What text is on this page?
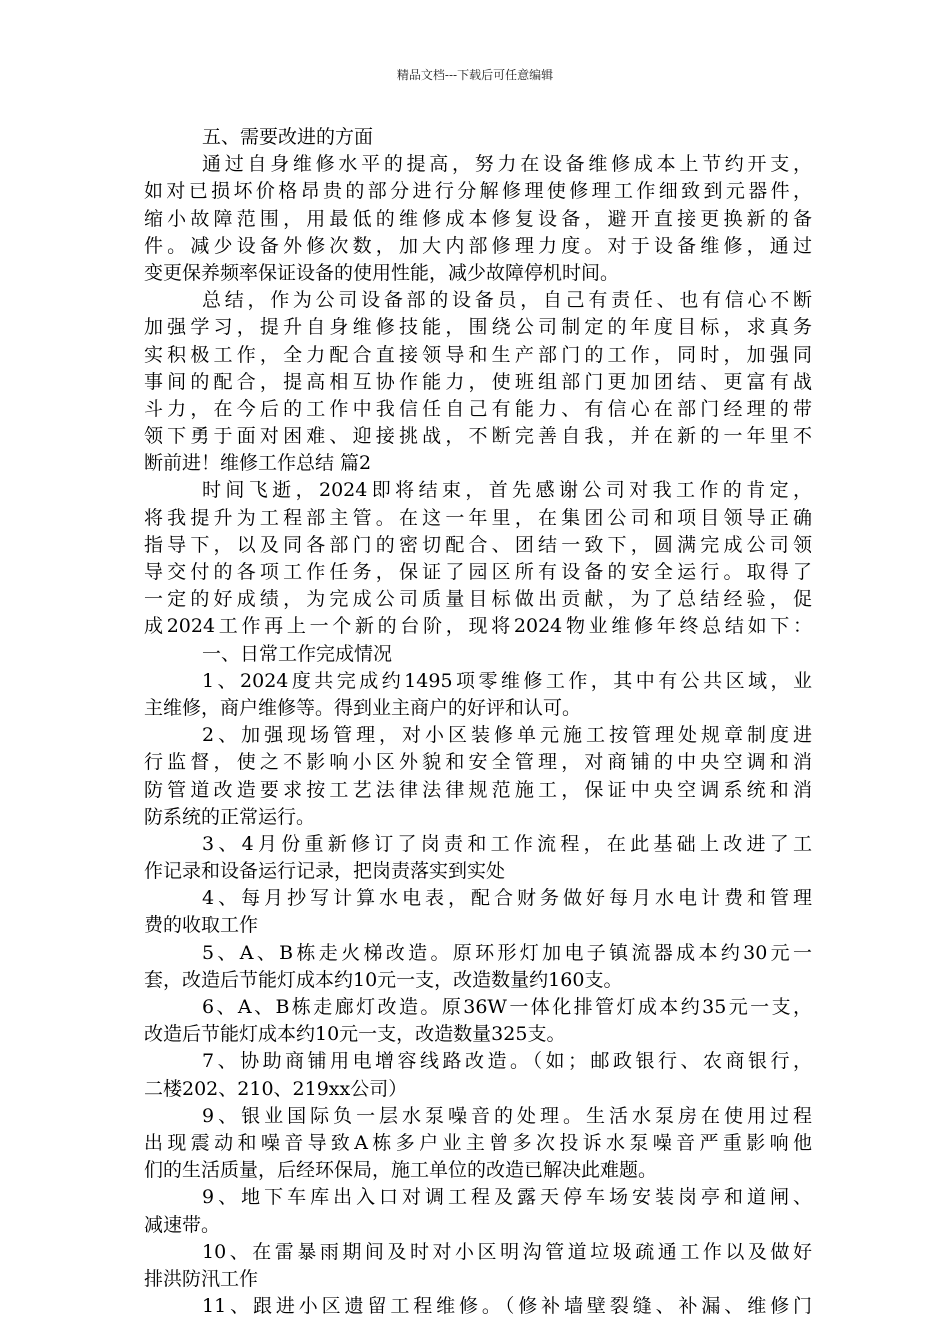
精品文档---下载后可任意编辑
五、需要改进的方面
通过自身维修水平的提高，努力在设备维修成本上节约开支，
如对已损坏价格昂贵的部分进行分解修理使修理工作细致到元器件，
缩小故障范围，用最低的维修成本修复设备，避开直接更换新的备
件。减少设备外修次数，加大内部修理力度。对于设备维修，通过
变更保养频率保证设备的使用性能，减少故障停机时间。
总结，作为公司设备部的设备员，自己有责任、也有信心不断
加强学习，提升自身维修技能，围绕公司制定的年度目标，求真务
实积极工作，全力配合直接领导和生产部门的工作，同时，加强同
事间的配合，提高相互协作能力，使班组部门更加团结、更富有战
斗力，在今后的工作中我信任自己有能力、有信心在部门经理的带
领下勇于面对困难、迎接挑战，不断完善自我，并在新的一年里不
断前进！维修工作总结 篇2
时间飞逝，2024即将结束，首先感谢公司对我工作的肯定，
将我提升为工程部主管。在这一年里，在集团公司和项目领导正确
指导下，以及同各部门的密切配合、团结一致下，圆满完成公司领
导交付的各项工作任务，保证了园区所有设备的安全运行。取得了
一定的好成绩，为完成公司质量目标做出贡献，为了总结经验，促
成2024工作再上一个新的台阶，现将2024物业维修年终总结如下：
一、日常工作完成情况
1、2024度共完成约1495项零维修工作，其中有公共区域，业
主维修，商户维修等。得到业主商户的好评和认可。
2、加强现场管理，对小区装修单元施工按管理处规章制度进
行监督，使之不影响小区外貌和安全管理，对商铺的中央空调和消
防管道改造要求按工艺法律法律规范施工，保证中央空调系统和消
防系统的正常运行。
3、4月份重新修订了岗责和工作流程，在此基础上改进了工
作记录和设备运行记录，把岗责落实到实处
4、每月抄写计算水电表，配合财务做好每月水电计费和管理
费的收取工作
5、A、B栋走火梯改造。原环形灯加电子镇流器成本约30元一
套，改造后节能灯成本约10元一支，改造数量约160支。
6、A、B栋走廊灯改造。原36W一体化排管灯成本约35元一支，
改造后节能灯成本约10元一支，改造数量325支。
7、协助商铺用电增容线路改造。（如；邮政银行、农商银行，
二楼202、210、219xx公司）
9、银业国际负一层水泵噪音的处理。生活水泵房在使用过程
出现震动和噪音导致A栋多户业主曾多次投诉水泵噪音严重影响他
们的生活质量，后经环保局，施工单位的改造已解决此难题。
9、地下车库出入口对调工程及露天停车场安装岗亭和道闸、
减速带。
10、在雷暴雨期间及时对小区明沟管道垃圾疏通工作以及做好
排洪防汛工作
11、跟进小区遗留工程维修。（修补墙壁裂缝、补漏、维修门
